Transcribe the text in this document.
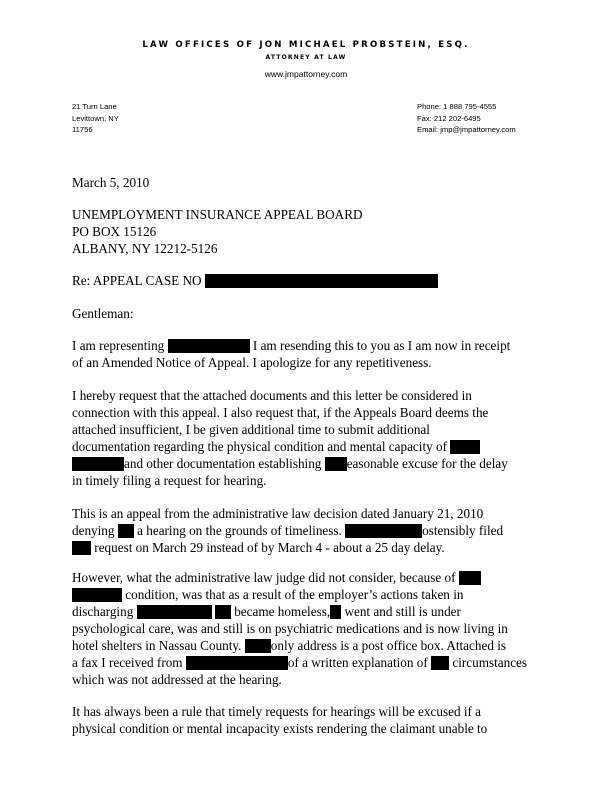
LAW OFFICES OF JON MICHAEL PROBSTEIN, ESQ.
ATTORNEY AT LAW
www.jmpattorney.com
21 Turn Lane
Levittown, NY
11756
Phone: 1 888 795-4555
Fax: 212 202-6495
Email: jmp@jmpattorney.com
March 5, 2010
UNEMPLOYMENT INSURANCE APPEAL BOARD
PO BOX 15126
ALBANY, NY 12212-5126
Re: APPEAL CASE NO
Gentleman:
I am representing	I am resending this to you as I am now in receipt
of an Amended Notice of Appeal. I apologize for any repetitiveness.
I hereby request that the attached documents and this letter be considered in
connection with this appeal. I also request that, if the Appeals Board deems the
attached insufficient, I be given additional time to submit additional
documentation regarding the physical condition and mental capacity of
and other documentation establishing easonable excuse for the delay
in timely filing a request for hearing.
This is an appeal from the administrative law decision dated January 21, 2010
denying a hearing on the grounds of timeliness.	ostensibly filed
request on March 29 instead of by March 4 - about a 25 day delay.
However, what the administrative law judge did not consider, because of
condition, was that as a result of the employer’s actions taken in
discharging	became homeless, went and still is under
psychological care, was and still is on psychiatric medications and is now living in
hotel shelters in Nassau County. only address is a post office box. Attached is
a fax I received from	of a written explanation of circumstances
which was not addressed at the hearing.
It has always been a rule that timely requests for hearings will be excused if a
physical condition or mental incapacity exists rendering the claimant unable to
